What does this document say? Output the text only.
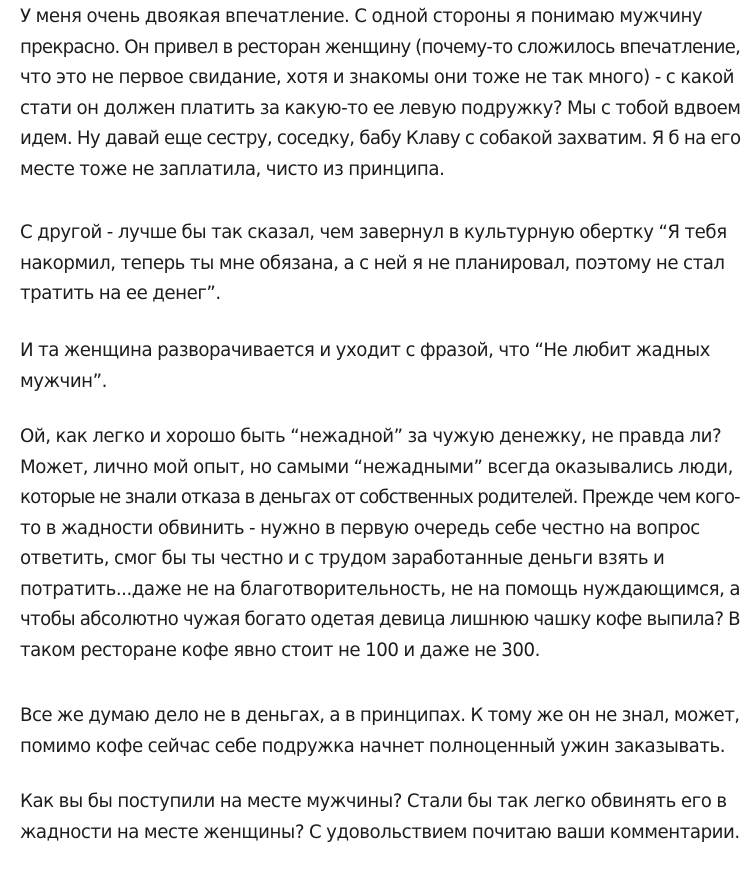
У меня очень двоякая впечатление. С одной стороны я понимаю мужчину
прекрасно. Он привел в ресторан женщину (почему-то сложилось впечатление,
что это не первое свидание, хотя и знакомы они тоже не так много) - с какой
стати он должен платить за какую-то ее левую подружку? Мы с тобой вдвоем
идем. Ну давай еще сестру, соседку, бабу Клаву с собакой захватим. Я б на его
месте тоже не заплатила, чисто из принципа.
С другой - лучше бы так сказал, чем завернул в культурную обертку “Я тебя
накормил, теперь ты мне обязана, а с ней я не планировал, поэтому не стал
тратить на ее денег”.
И та женщина разворачивается и уходит с фразой, что “Не любит жадных
мужчин”.
Ой, как легко и хорошо быть “нежадной” за чужую денежку, не правда ли?
Может, лично мой опыт, но самыми “нежадными” всегда оказывались люди,
которые не знали отказа в деньгах от собственных родителей. Прежде чем кого-
то в жадности обвинить - нужно в первую очередь себе честно на вопрос
ответить, смог бы ты честно и с трудом заработанные деньги взять и
потратить...даже не на благотворительность, не на помощь нуждающимся, а
чтобы абсолютно чужая богато одетая девица лишнюю чашку кофе выпила? В
таком ресторане кофе явно стоит не 100 и даже не 300.
Все же думаю дело не в деньгах, а в принципах. К тому же он не знал, может,
помимо кофе сейчас себе подружка начнет полноценный ужин заказывать.
Как вы бы поступили на месте мужчины? Стали бы так легко обвинять его в
жадности на месте женщины? С удовольствием почитаю ваши комментарии.
